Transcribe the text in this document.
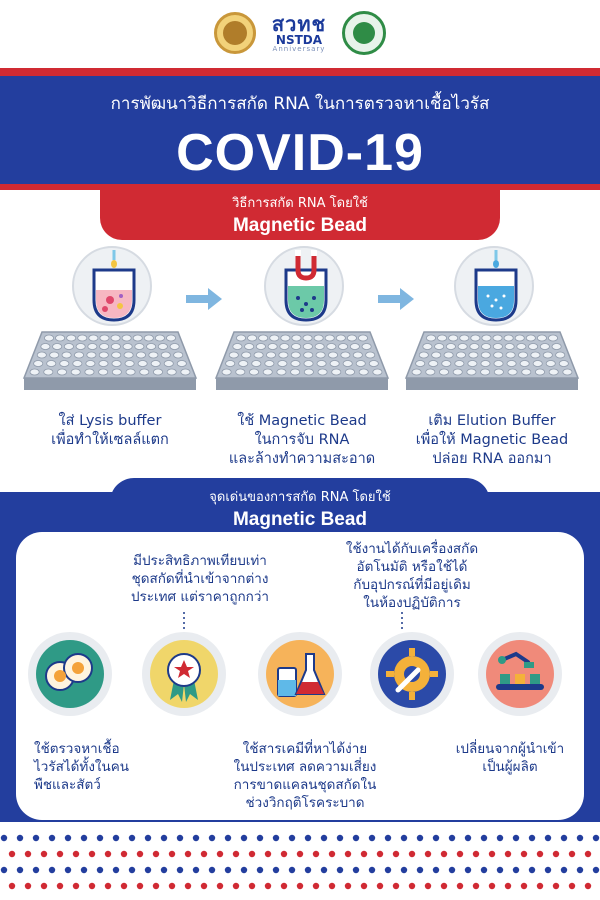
สวทช
NSTDA
Anniversary
การพัฒนาวิธีการสกัด RNA ในการตรวจหาเชื้อไวรัส
COVID-19
วิธีการสกัด RNA โดยใช้
Magnetic Bead
ใส่ Lysis buffer
เพื่อทำให้เซลล์แตก
ใช้ Magnetic Bead
ในการจับ RNA
และล้างทำความสะอาด
เติม Elution Buffer
เพื่อให้ Magnetic Bead
ปล่อย RNA ออกมา
จุดเด่นของการสกัด RNA โดยใช้
Magnetic Bead
มีประสิทธิภาพเทียบเท่า
ชุดสกัดที่นำเข้าจากต่าง
ประเทศ แต่ราคาถูกกว่า
ใช้งานได้กับเครื่องสกัด
อัตโนมัติ หรือใช้ได้
กับอุปกรณ์ที่มีอยู่เดิม
ในห้องปฏิบัติการ
ใช้ตรวจหาเชื้อ
ไวรัสได้ทั้งในคน
พืชและสัตว์
ใช้สารเคมีที่หาได้ง่าย
ในประเทศ ลดความเสี่ยง
การขาดแคลนชุดสกัดใน
ช่วงวิกฤติโรคระบาด
เปลี่ยนจากผู้นำเข้า
เป็นผู้ผลิต
